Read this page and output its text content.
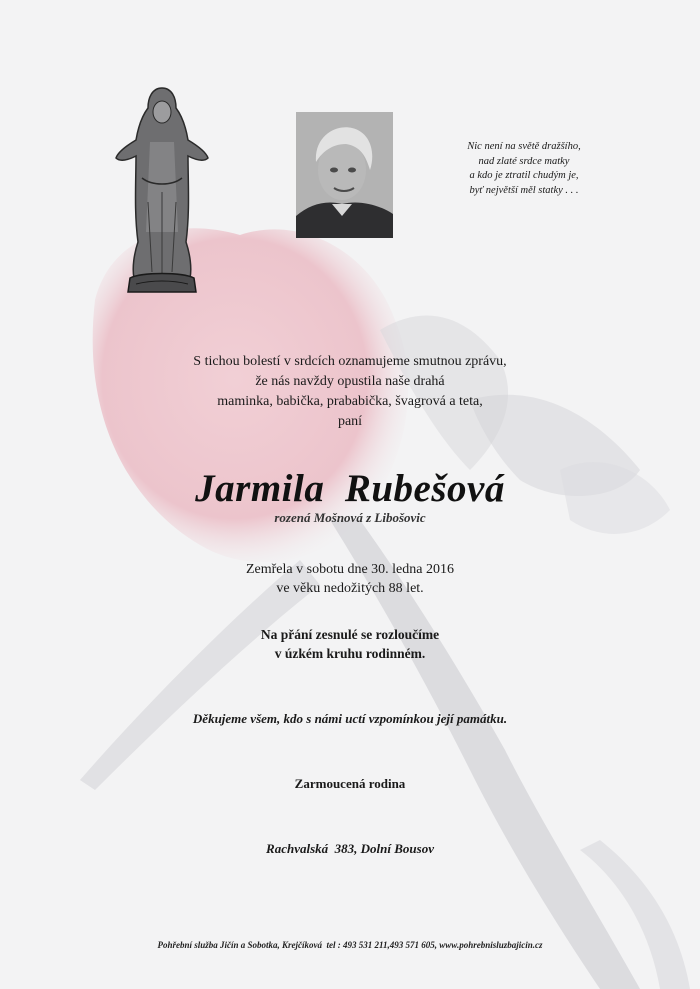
Nic není na světě dražšího,
nad zlaté srdce matky
a kdo je ztratil chudým je,
byť největší měl statky . . .
S tichou bolestí v srdcích oznamujeme smutnou zprávu,
že nás navždy opustila naše drahá
maminka, babička, prababička, švagrová a teta,
paní
Jarmila  Rubešová
rozená Mošnová z Libošovic
Zemřela v sobotu dne 30. ledna 2016
ve věku nedožitých 88 let.
Na přání zesnulé se rozloučíme
v úzkém kruhu rodinném.
Děkujeme všem, kdo s námi uctí vzpomínkou její památku.
Zarmoucená rodina
Rachvalská  383, Dolní Bousov
Pohřební služba Jičín a Sobotka, Krejčíková  tel : 493 531 211,493 571 605, www.pohrebnisluzbajicin.cz
